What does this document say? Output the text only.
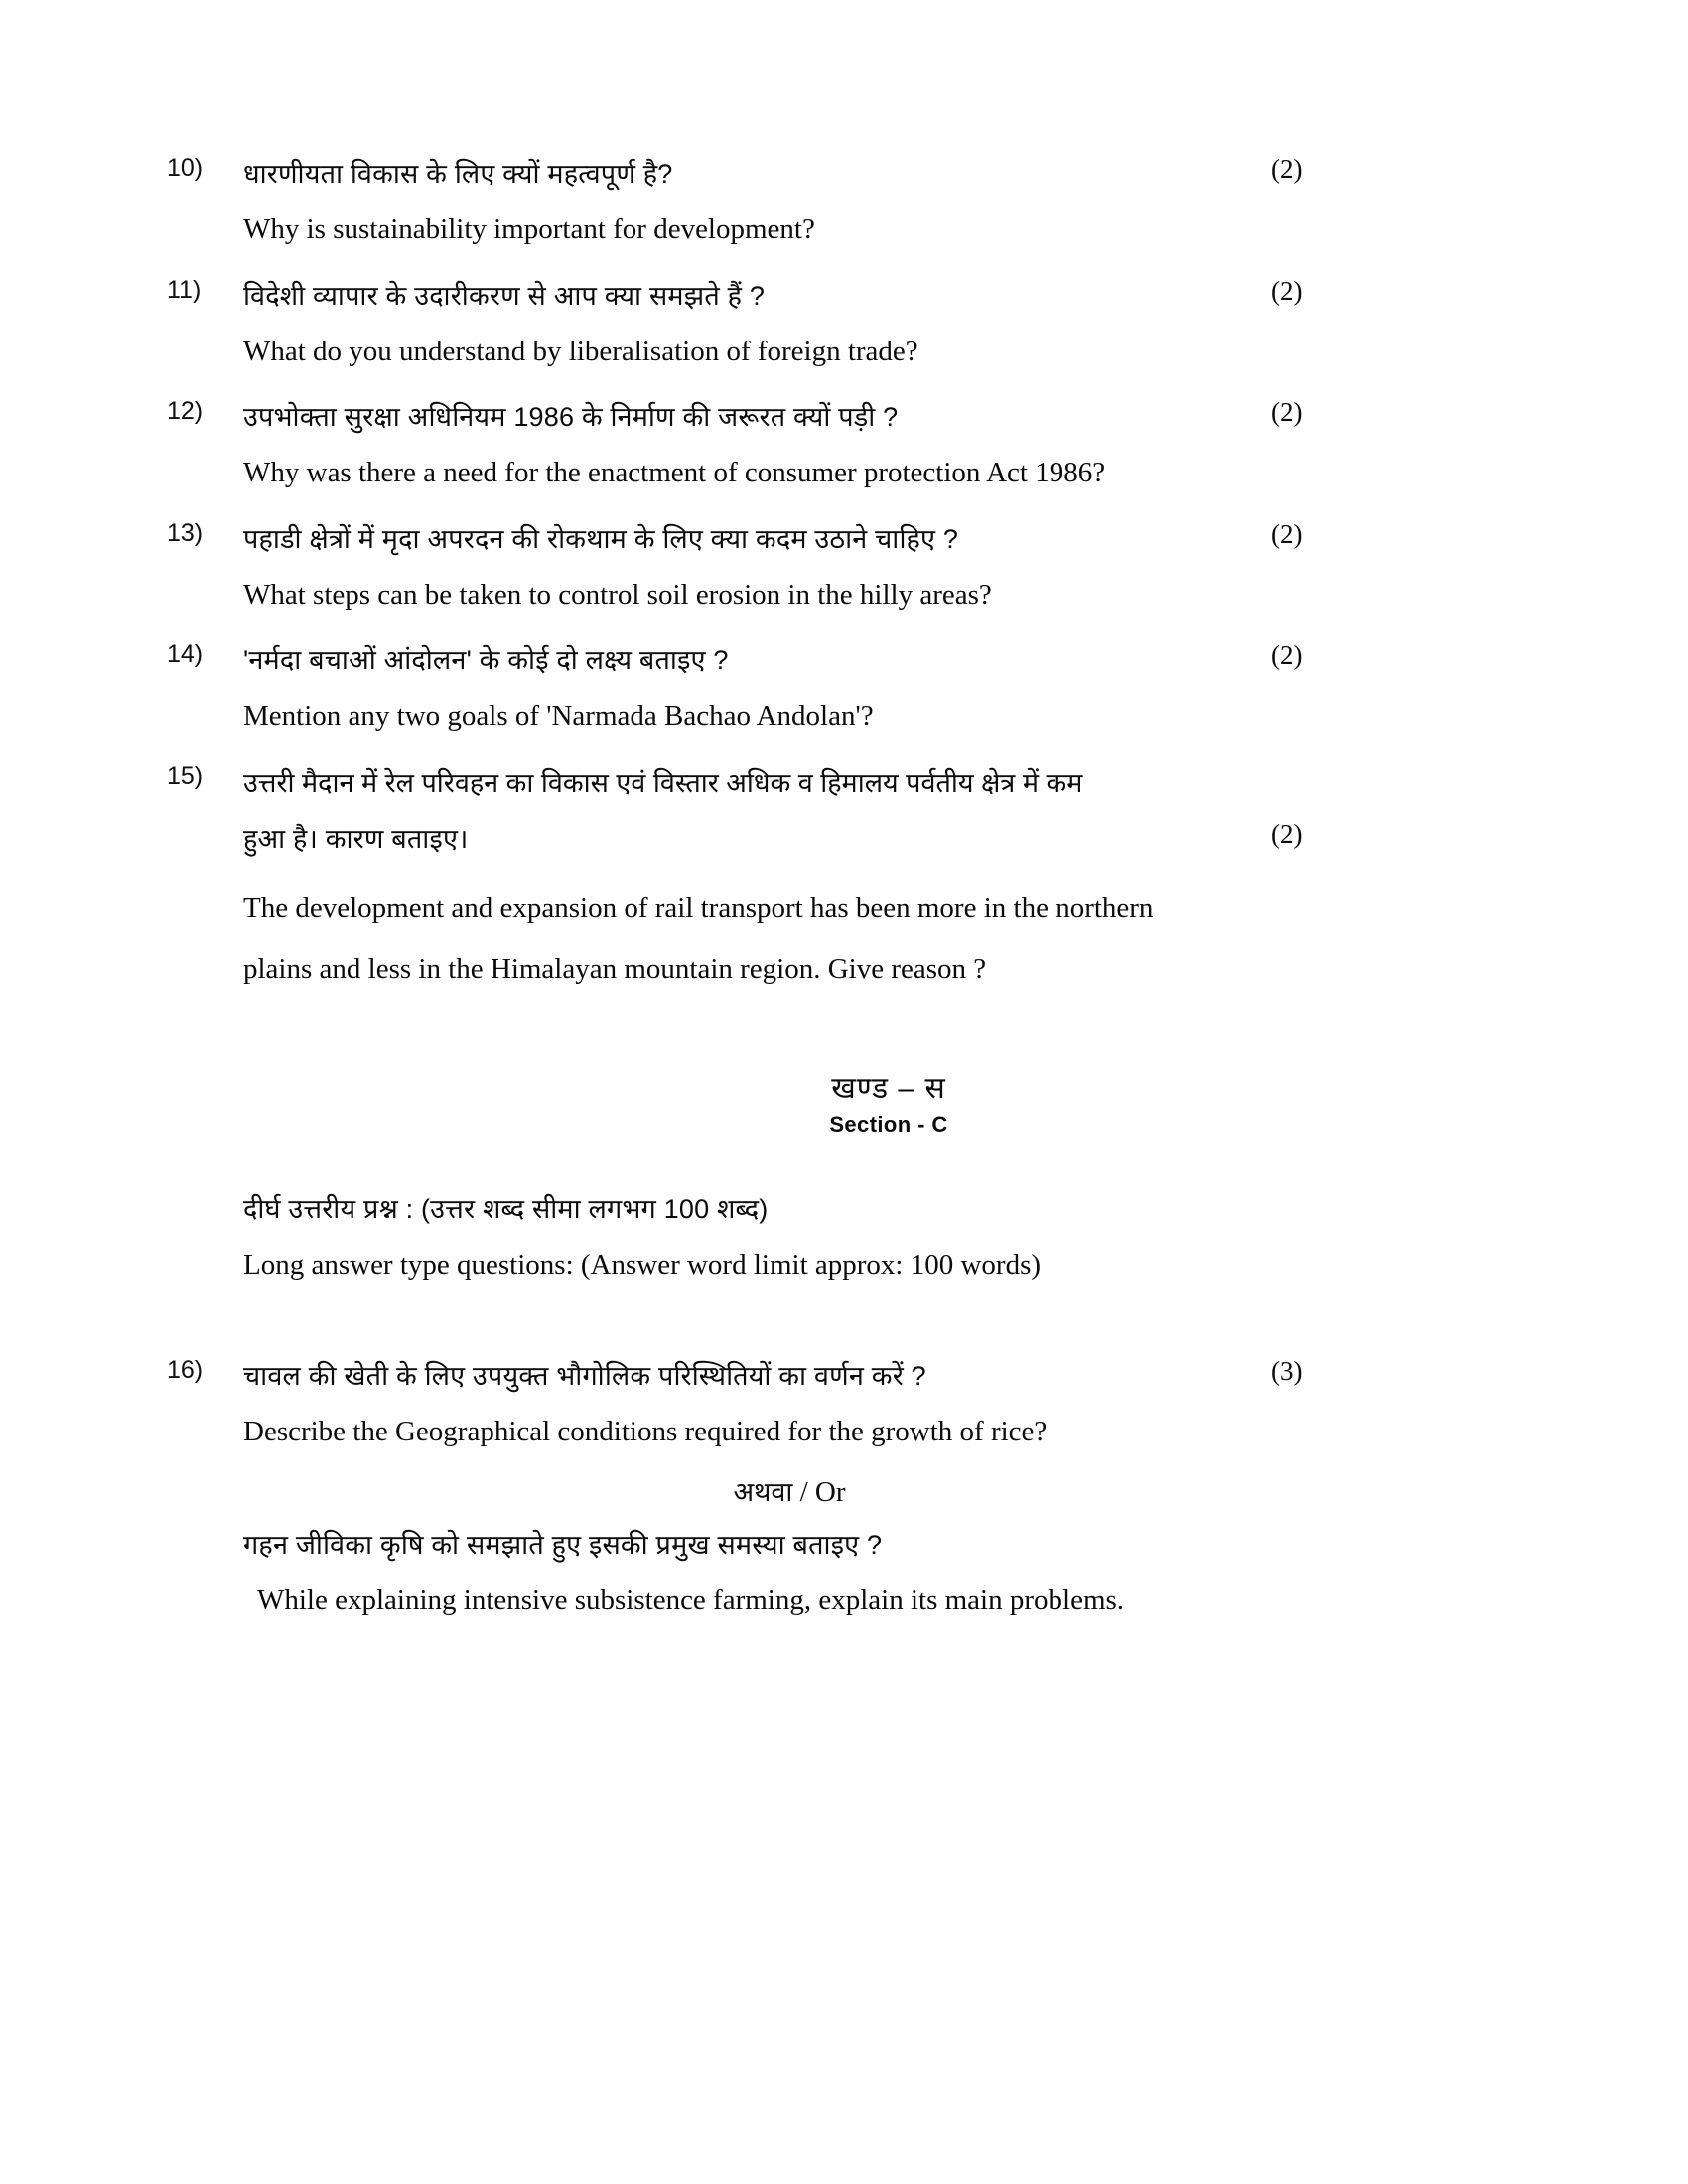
10)	धारणीयता विकास के लिए क्यों महत्वपूर्ण है?	(2)
Why is sustainability important for development?
11)	विदेशी व्यापार के उदारीकरण से आप क्या समझते हैं ?	(2)
What do you understand by liberalisation of foreign trade?
12)	उपभोक्ता सुरक्षा अधिनियम 1986 के निर्माण की जरूरत क्यों पड़ी ?	(2)
Why was there a need for the enactment of consumer protection Act 1986?
13)	पहाडी क्षेत्रों में मृदा अपरदन की रोकथाम के लिए क्या कदम उठाने चाहिए ?	(2)
What steps can be taken to control soil erosion in the hilly areas?
14)	'नर्मदा बचाओं आंदोलन' के कोई दो लक्ष्य बताइए ?	(2)
Mention any two goals of 'Narmada Bachao Andolan'?
15)	उत्तरी मैदान में रेल परिवहन का विकास एवं विस्तार अधिक व हिमालय पर्वतीय क्षेत्र में कम
हुआ है। कारण बताइए।	(2)
The development and expansion of rail transport has been more in the northern
plains and less in the Himalayan mountain region. Give reason ?
खण्ड – स
Section - C
दीर्घ उत्तरीय प्रश्न : (उत्तर शब्द सीमा लगभग 100 शब्द)
Long answer type questions: (Answer word limit approx: 100 words)
16)	चावल की खेती के लिए उपयुक्त भौगोलिक परिस्थितियों का वर्णन करें ?	(3)
Describe the Geographical conditions required for the growth of rice?
अथवा / Or
गहन जीविका कृषि को समझाते हुए इसकी प्रमुख समस्या बताइए ?
While explaining intensive subsistence farming, explain its main problems.
